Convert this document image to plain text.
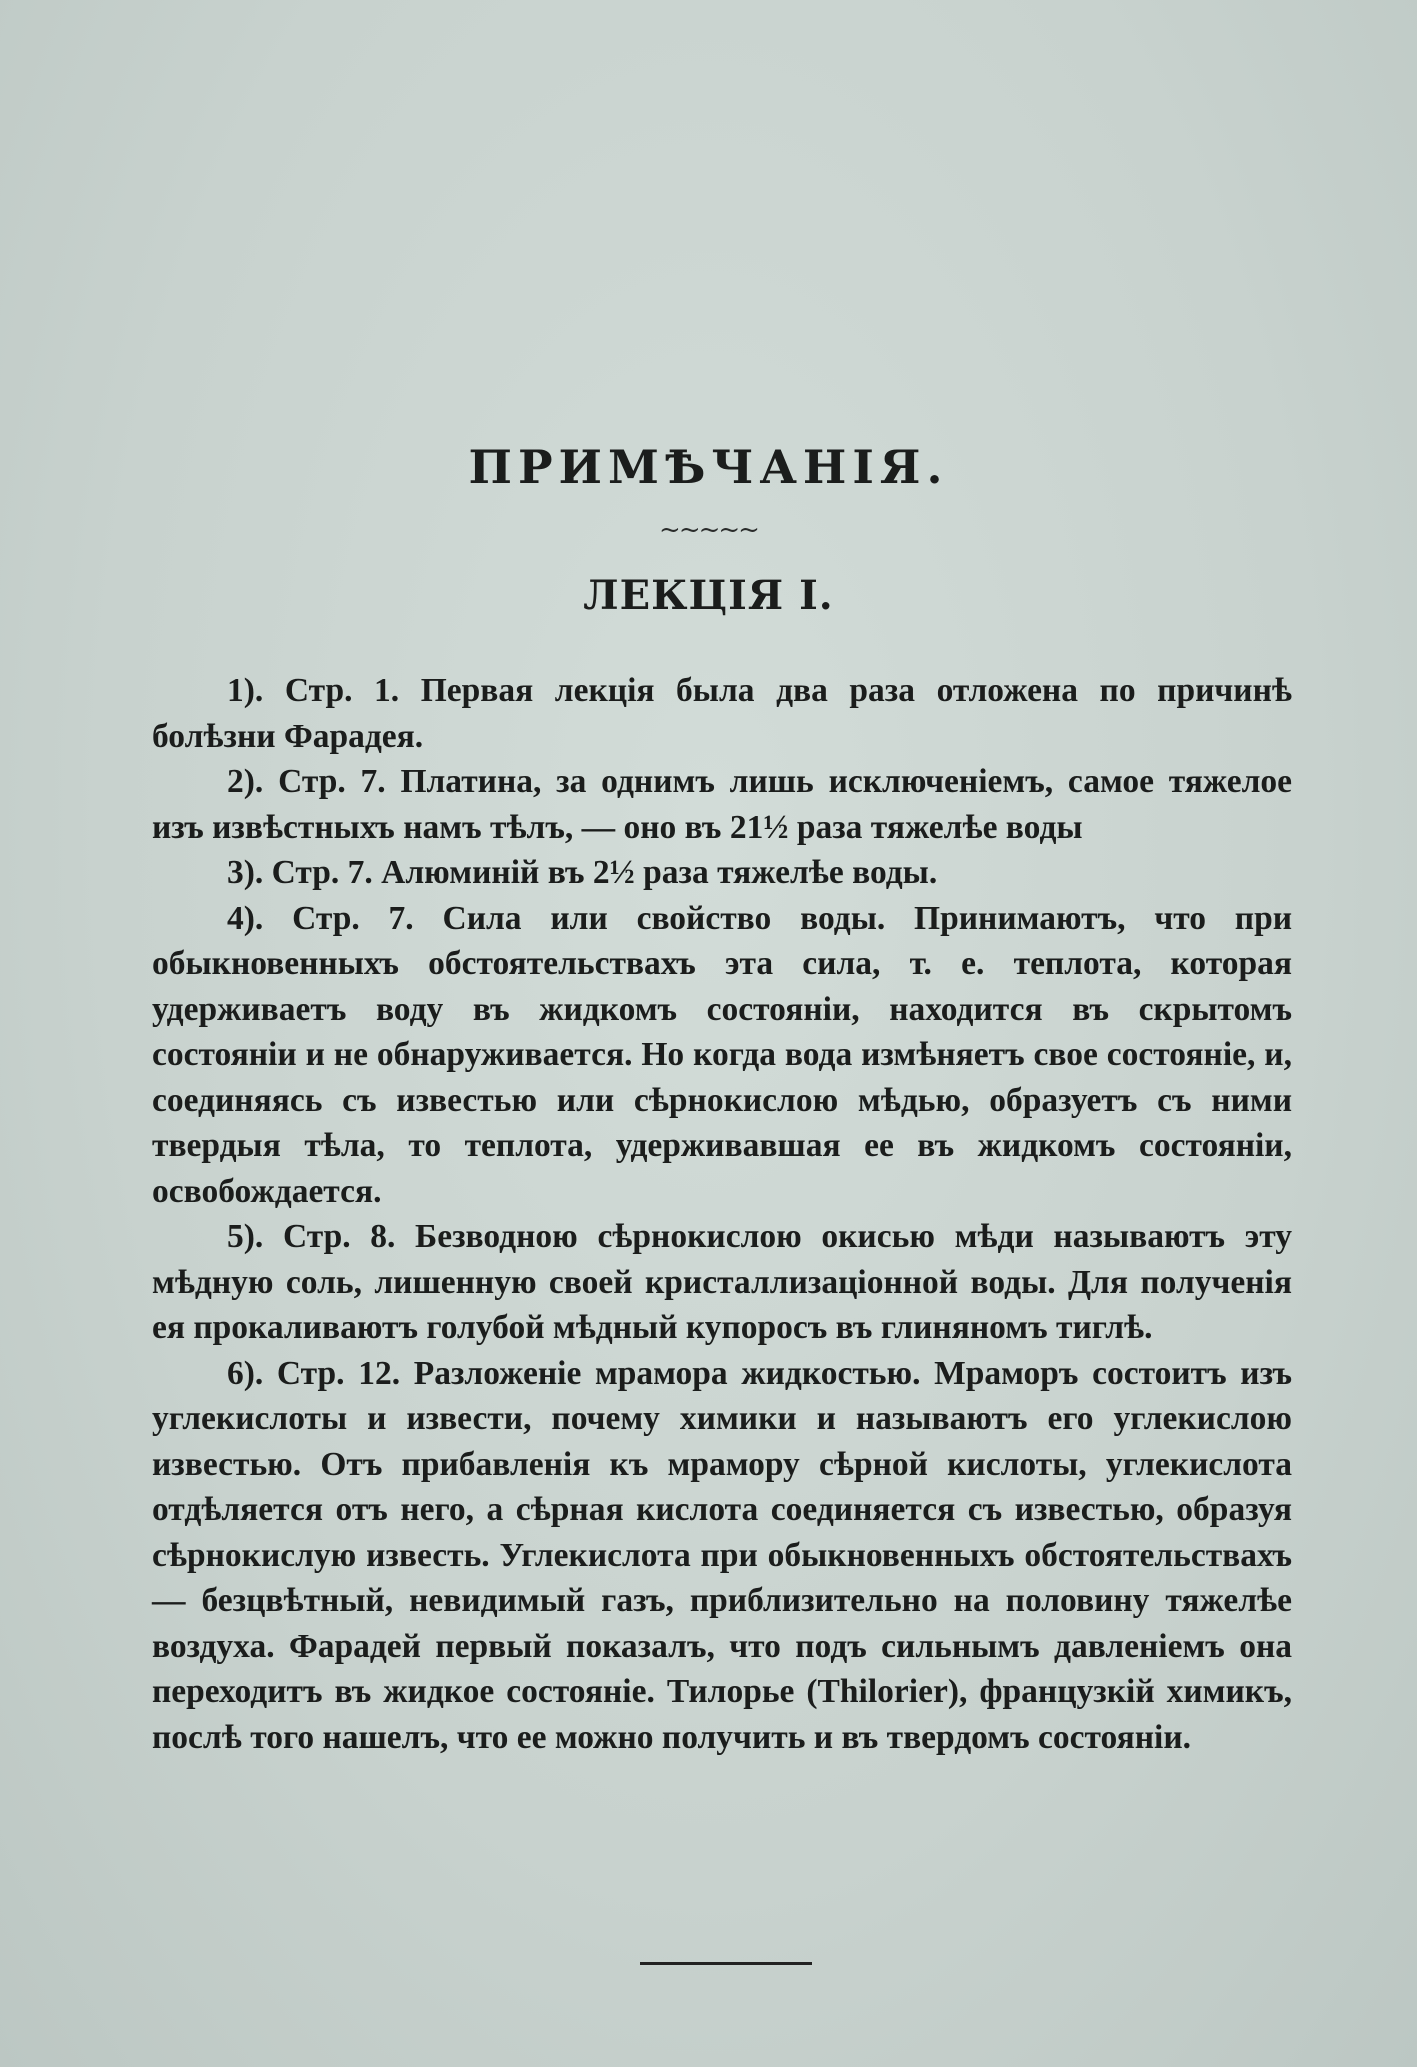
ПРИМѢЧАНІЯ.
~~~~~
ЛЕКЦІЯ I.

1). Стр. 1. Первая лекція была два раза отложена по причинѣ болѣзни Фарадея.

2). Стр. 7. Платина, за однимъ лишь исключеніемъ, самое тяжелое изъ извѣстныхъ намъ тѣлъ, — оно въ 21½ раза тяжелѣе воды

3). Стр. 7. Алюминій въ 2½ раза тяжелѣе воды.

4). Стр. 7. Сила или свойство воды. Принимаютъ, что при обыкновенныхъ обстоятельствахъ эта сила, т. е. теплота, которая удерживаетъ воду въ жидкомъ состояніи, находится въ скрытомъ состояніи и не обнаруживается. Но когда вода измѣняетъ свое состояніе, и, соединяясь съ известью или сѣрнокислою мѣдью, образуетъ съ ними твердыя тѣла, то теплота, удерживавшая ее въ жидкомъ состояніи, освобождается.

5). Стр. 8. Безводною сѣрнокислою окисью мѣди называютъ эту мѣдную соль, лишенную своей кристаллизаціонной воды. Для полученія ея прокаливаютъ голубой мѣдный купоросъ въ глиняномъ тиглѣ.

6). Стр. 12. Разложеніе мрамора жидкостью. Мраморъ состоитъ изъ углекислоты и извести, почему химики и называютъ его углекислою известью. Отъ прибавленія къ мрамору сѣрной кислоты, углекислота отдѣляется отъ него, а сѣрная кислота соединяется съ известью, образуя сѣрнокислую известь. Углекислота при обыкновенныхъ обстоятельствахъ — безцвѣтный, невидимый газъ, приблизительно на половину тяжелѣе воздуха. Фарадей первый показалъ, что подъ сильнымъ давленіемъ она переходитъ въ жидкое состояніе. Тилорье (Thilorier), французкій химикъ, послѣ того нашелъ, что ее можно получить и въ твердомъ состояніи.
